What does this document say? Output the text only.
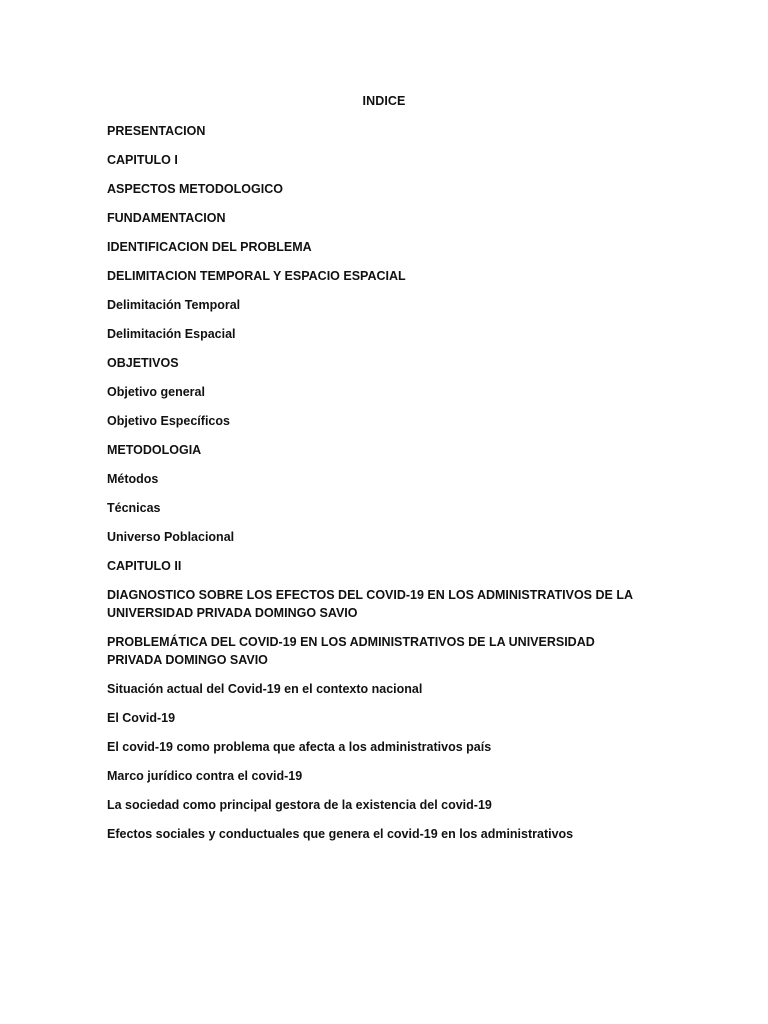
INDICE
PRESENTACION
CAPITULO I
ASPECTOS METODOLOGICO
FUNDAMENTACION
IDENTIFICACION DEL PROBLEMA
DELIMITACION TEMPORAL Y ESPACIO ESPACIAL
Delimitación Temporal
Delimitación Espacial
OBJETIVOS
Objetivo general
Objetivo Específicos
METODOLOGIA
Métodos
Técnicas
Universo Poblacional
CAPITULO II
DIAGNOSTICO SOBRE LOS EFECTOS DEL COVID-19 EN LOS ADMINISTRATIVOS DE LA UNIVERSIDAD PRIVADA DOMINGO SAVIO
PROBLEMÁTICA DEL COVID-19 EN LOS ADMINISTRATIVOS DE LA UNIVERSIDAD PRIVADA DOMINGO SAVIO
Situación actual del Covid-19 en el contexto nacional
El Covid-19
El covid-19 como problema que afecta a los administrativos país
Marco jurídico contra el covid-19
La sociedad como principal gestora de la existencia del covid-19
Efectos sociales y conductuales que genera el covid-19 en los administrativos
